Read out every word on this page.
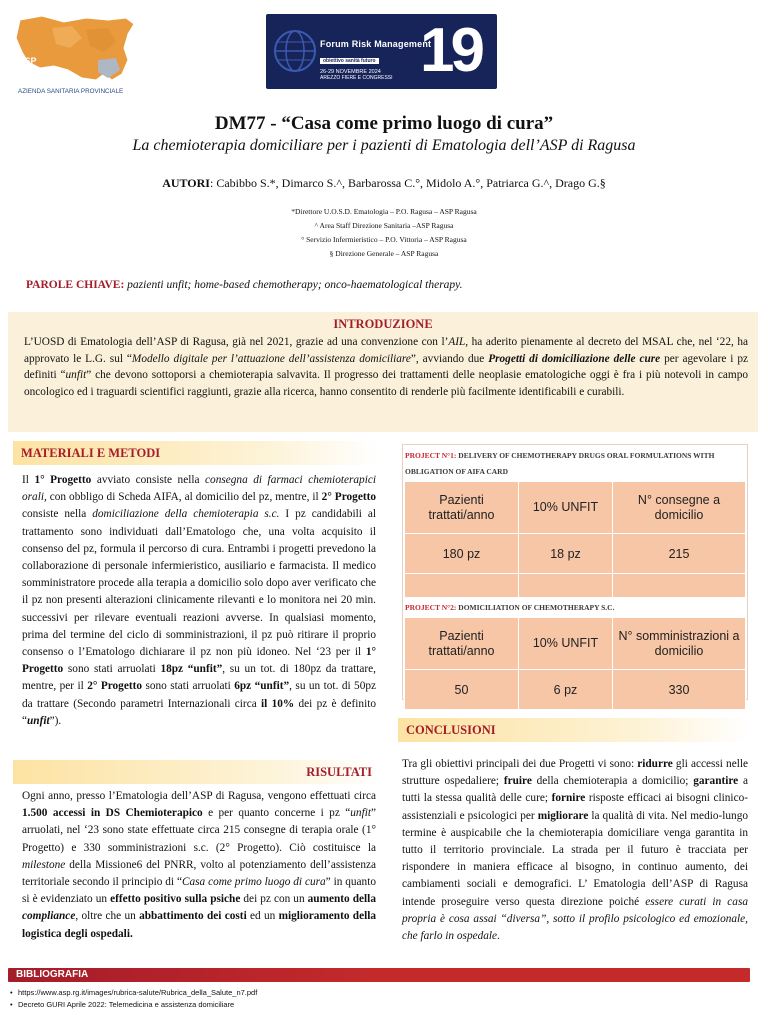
ASP
RAGUSA
AZIENDA SANITARIA PROVINCIALE
Forum Risk Management
obiettivo sanità futuro
26-29 NOVEMBRE 2024
AREZZO FIERE E CONGRESSI 19
DM77 - “Casa come primo luogo di cura”
La chemioterapia domiciliare per i pazienti di Ematologia dell’ASP di Ragusa
AUTORI: Cabibbo S.*, Dimarco S.^, Barbarossa C.°, Midolo A.°, Patriarca G.^, Drago G.§
*Direttore U.O.S.D. Ematologia – P.O. Ragusa – ASP Ragusa
^ Area Staff Direzione Sanitaria –ASP Ragusa
° Servizio Infermieristico – P.O. Vittoria – ASP Ragusa
§ Direzione Generale – ASP Ragusa
PAROLE CHIAVE: pazienti unfit; home-based chemotherapy; onco-haematological therapy.
INTRODUZIONE
L’UOSD di Ematologia dell’ASP di Ragusa, già nel 2021, grazie ad una convenzione con l’AIL, ha aderito pienamente al decreto del MSAL che, nel ‘22, ha approvato le L.G. sul “Modello digitale per l’attuazione dell’assistenza domiciliare”, avviando due Progetti di domiciliazione delle cure per agevolare i pz definiti “unfit” che devono sottoporsi a chemioterapia salvavita. Il progresso dei trattamenti delle neoplasie ematologiche oggi è fra i più notevoli in campo oncologico ed i traguardi scientifici raggiunti, grazie alla ricerca, hanno consentito di renderle più facilmente identificabili e curabili.
MATERIALI E METODI
Il 1° Progetto avviato consiste nella consegna di farmaci chemioterapici orali, con obbligo di Scheda AIFA, al domicilio del pz, mentre, il 2° Progetto consiste nella domiciliazione della chemioterapia s.c. I pz candidabili al trattamento sono individuati dall’Ematologo che, una volta acquisito il consenso del pz, formula il percorso di cura. Entrambi i progetti prevedono la collaborazione di personale infermieristico, ausiliario e farmacista. Il medico somministratore procede alla terapia a domicilio solo dopo aver verificato che il pz non presenti alterazioni clinicamente rilevanti e lo monitora nei 20 min. successivi per rilevare eventuali reazioni avverse. In qualsiasi momento, prima del termine del ciclo di somministrazioni, il pz può ritirare il proprio consenso o l’Ematologo dichiarare il pz non più idoneo. Nel ‘23 per il 1° Progetto sono stati arruolati 18pz “unfit”, su un tot. di 180pz da trattare, mentre, per il 2° Progetto sono stati arruolati 6pz “unfit”, su un tot. di 50pz da trattare (Secondo parametri Internazionali circa il 10% dei pz è definito “unfit”).
PROJECT N°1: DELIVERY OF CHEMOTHERAPY DRUGS ORAL FORMULATIONS WITH OBLIGATION OF AIFA CARD
Pazienti trattati/anno	10% UNFIT	N° consegne a domicilio
180 pz	18 pz	215

PROJECT N°2: DOMICILIATION OF CHEMOTHERAPY S.C.
Pazienti trattati/anno	10% UNFIT	N° somministrazioni a domicilio
50	6 pz	330
CONCLUSIONI
Tra gli obiettivi principali dei due Progetti vi sono: ridurre gli accessi nelle strutture ospedaliere; fruire della chemioterapia a domicilio; garantire a tutti la stessa qualità delle cure; fornire risposte efficaci ai bisogni clinico-assistenziali e psicologici per migliorare la qualità di vita. Nel medio-lungo termine è auspicabile che la chemioterapia domiciliare venga garantita in tutto il territorio provinciale. La strada per il futuro è tracciata per rispondere in maniera efficace al bisogno, in continuo aumento, dei cambiamenti sociali e demografici. L’ Ematologia dell’ASP di Ragusa intende proseguire verso questa direzione poiché essere curati in casa propria è cosa assai “diversa”, sotto il profilo psicologico ed emozionale, che farlo in ospedale.
RISULTATI
Ogni anno, presso l’Ematologia dell’ASP di Ragusa, vengono effettuati circa 1.500 accessi in DS Chemioterapico e per quanto concerne i pz “unfit” arruolati, nel ‘23 sono state effettuate circa 215 consegne di terapia orale (1° Progetto) e 330 somministrazioni s.c. (2° Progetto). Ciò costituisce la milestone della Missione6 del PNRR, volto al potenziamento dell’assistenza territoriale secondo il principio di “Casa come primo luogo di cura” in quanto si è evidenziato un effetto positivo sulla psiche dei pz con un aumento della compliance, oltre che un abbattimento dei costi ed un miglioramento della logistica degli ospedali.
BIBLIOGRAFIA
• https://www.asp.rg.it/images/rubrica-salute/Rubrica_della_Salute_n7.pdf
• Decreto GURI Aprile 2022: Telemedicina e assistenza domiciliare
